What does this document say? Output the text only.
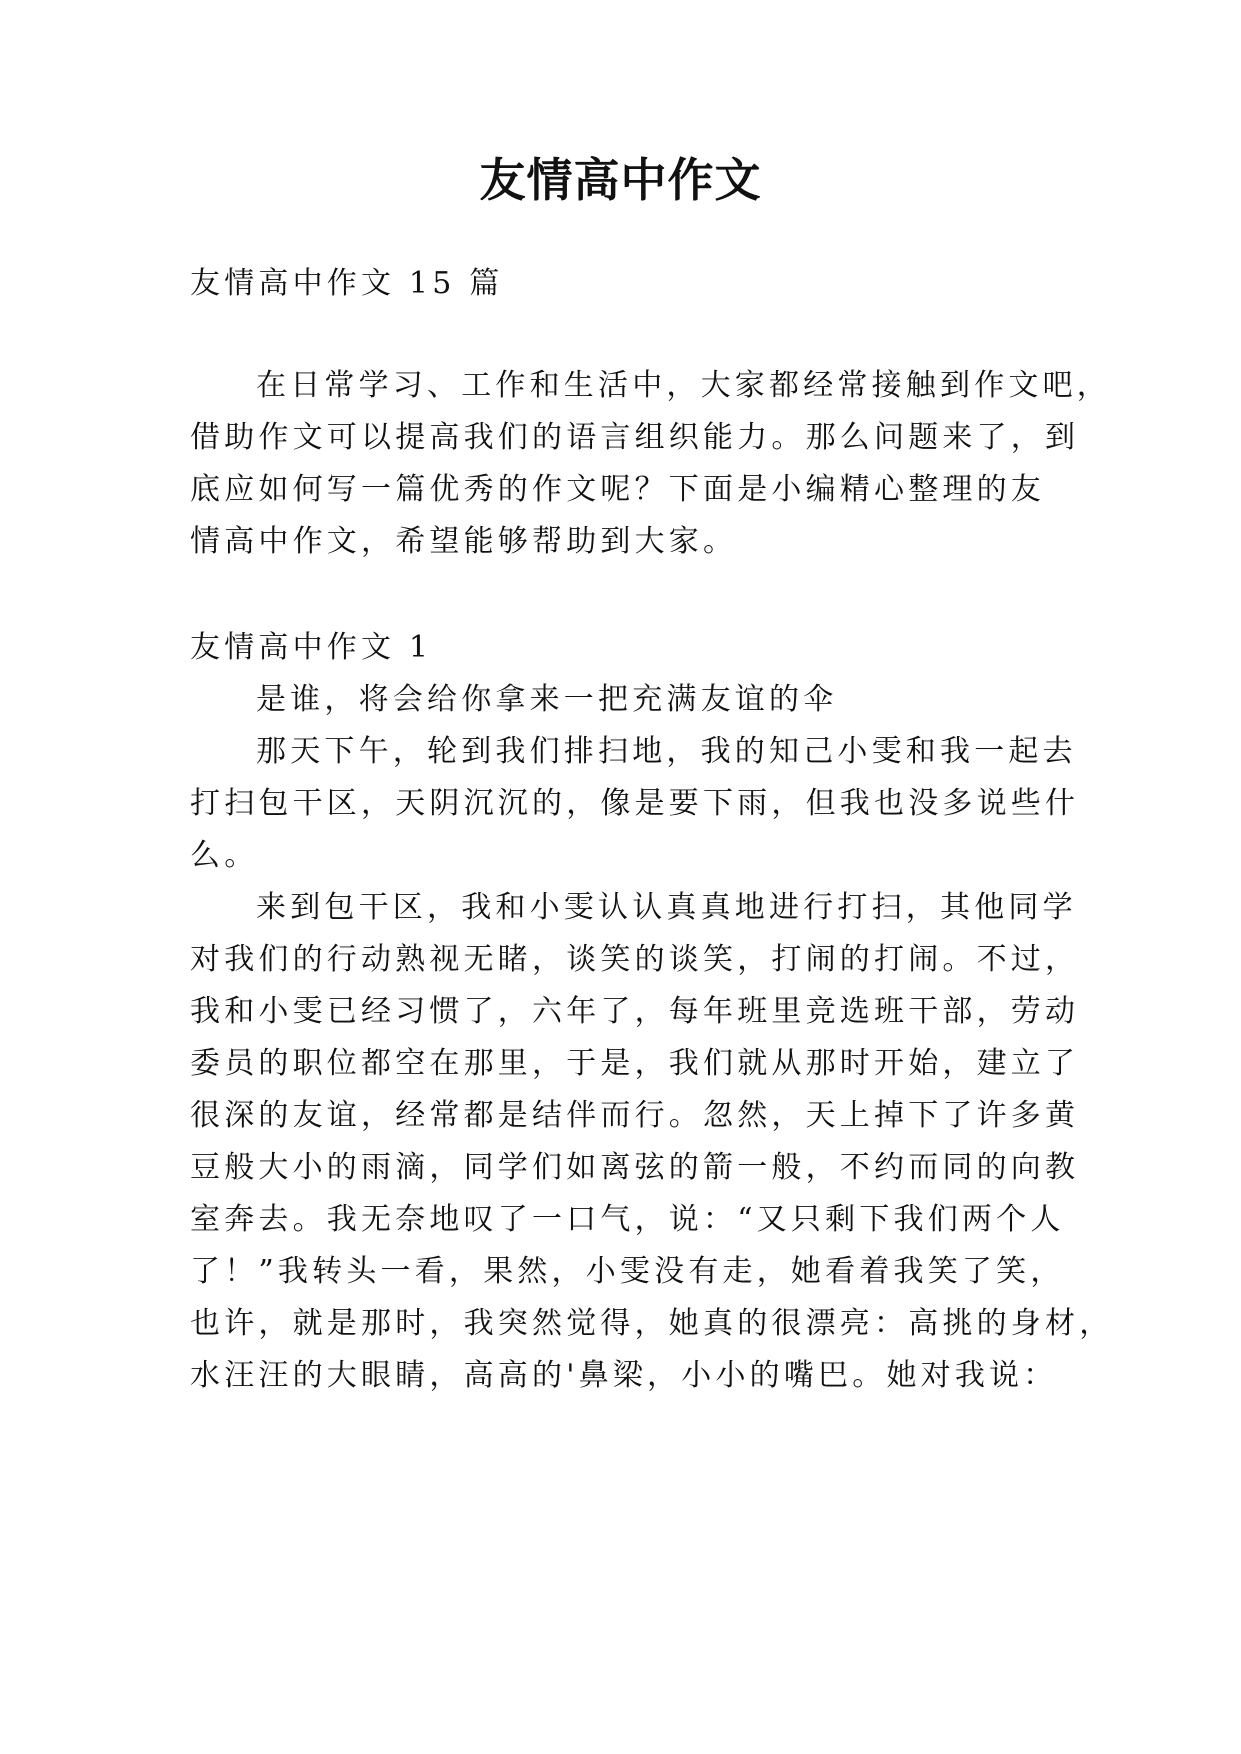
友情高中作文

友情高中作文 15 篇

在日常学习、工作和生活中，大家都经常接触到作文吧，

借助作文可以提高我们的语言组织能力。那么问题来了，到

底应如何写一篇优秀的作文呢？下面是小编精心整理的友

情高中作文，希望能够帮助到大家。

友情高中作文 1

是谁，将会给你拿来一把充满友谊的伞

那天下午，轮到我们排扫地，我的知己小雯和我一起去

打扫包干区，天阴沉沉的，像是要下雨，但我也没多说些什

么。

来到包干区，我和小雯认认真真地进行打扫，其他同学

对我们的行动熟视无睹，谈笑的谈笑，打闹的打闹。不过，

我和小雯已经习惯了，六年了，每年班里竞选班干部，劳动

委员的职位都空在那里，于是，我们就从那时开始，建立了

很深的友谊，经常都是结伴而行。忽然，天上掉下了许多黄

豆般大小的雨滴，同学们如离弦的箭一般，不约而同的向教

室奔去。我无奈地叹了一口气，说：“又只剩下我们两个人

了！”我转头一看，果然，小雯没有走，她看着我笑了笑，

也许，就是那时，我突然觉得，她真的很漂亮：高挑的身材，

水汪汪的大眼睛，高高的'鼻梁，小小的嘴巴。她对我说：
